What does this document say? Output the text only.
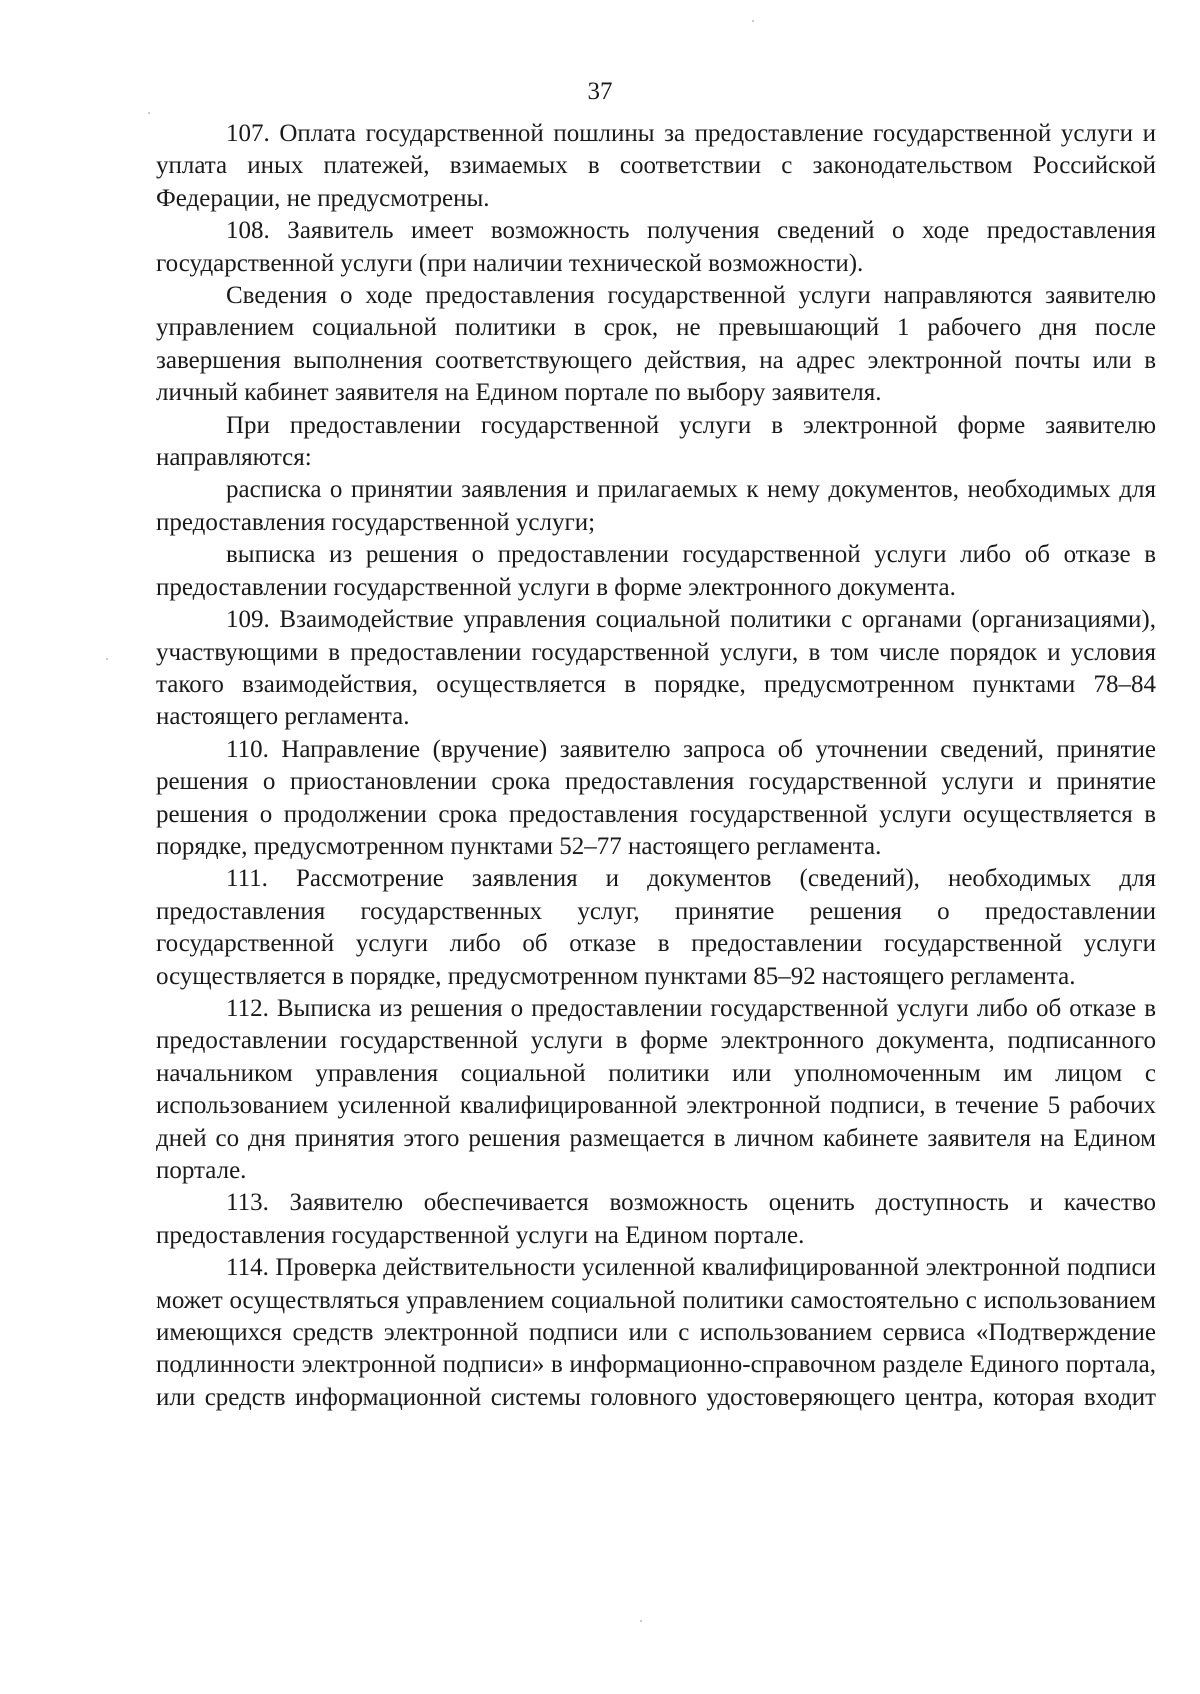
37

107. Оплата государственной пошлины за предоставление государственной услуги и уплата иных платежей, взимаемых в соответствии с законодательством Российской Федерации, не предусмотрены.

108. Заявитель имеет возможность получения сведений о ходе предоставления государственной услуги (при наличии технической возможности).

Сведения о ходе предоставления государственной услуги направляются заявителю управлением социальной политики в срок, не превышающий 1 рабочего дня после завершения выполнения соответствующего действия, на адрес электронной почты или в личный кабинет заявителя на Едином портале по выбору заявителя.

При предоставлении государственной услуги в электронной форме заявителю направляются:

расписка о принятии заявления и прилагаемых к нему документов, необходимых для предоставления государственной услуги;

выписка из решения о предоставлении государственной услуги либо об отказе в предоставлении государственной услуги в форме электронного документа.

109. Взаимодействие управления социальной политики с органами (организациями), участвующими в предоставлении государственной услуги, в том числе порядок и условия такого взаимодействия, осуществляется в порядке, предусмотренном пунктами 78–84 настоящего регламента.

110. Направление (вручение) заявителю запроса об уточнении сведений, принятие решения о приостановлении срока предоставления государственной услуги и принятие решения о продолжении срока предоставления государственной услуги осуществляется в порядке, предусмотренном пунктами 52–77 настоящего регламента.

111. Рассмотрение заявления и документов (сведений), необходимых для предоставления государственных услуг, принятие решения о предоставлении государственной услуги либо об отказе в предоставлении государственной услуги осуществляется в порядке, предусмотренном пунктами 85–92 настоящего регламента.

112. Выписка из решения о предоставлении государственной услуги либо об отказе в предоставлении государственной услуги в форме электронного документа, подписанного начальником управления социальной политики или уполномоченным им лицом с использованием усиленной квалифицированной электронной подписи, в течение 5 рабочих дней со дня принятия этого решения размещается в личном кабинете заявителя на Едином портале.

113. Заявителю обеспечивается возможность оценить доступность и качество предоставления государственной услуги на Едином портале.

114. Проверка действительности усиленной квалифицированной электронной подписи может осуществляться управлением социальной политики самостоятельно с использованием имеющихся средств электронной подписи или с использованием сервиса «Подтверждение подлинности электронной подписи» в информационно-справочном разделе Единого портала, или средств информационной системы головного удостоверяющего центра, которая входит
